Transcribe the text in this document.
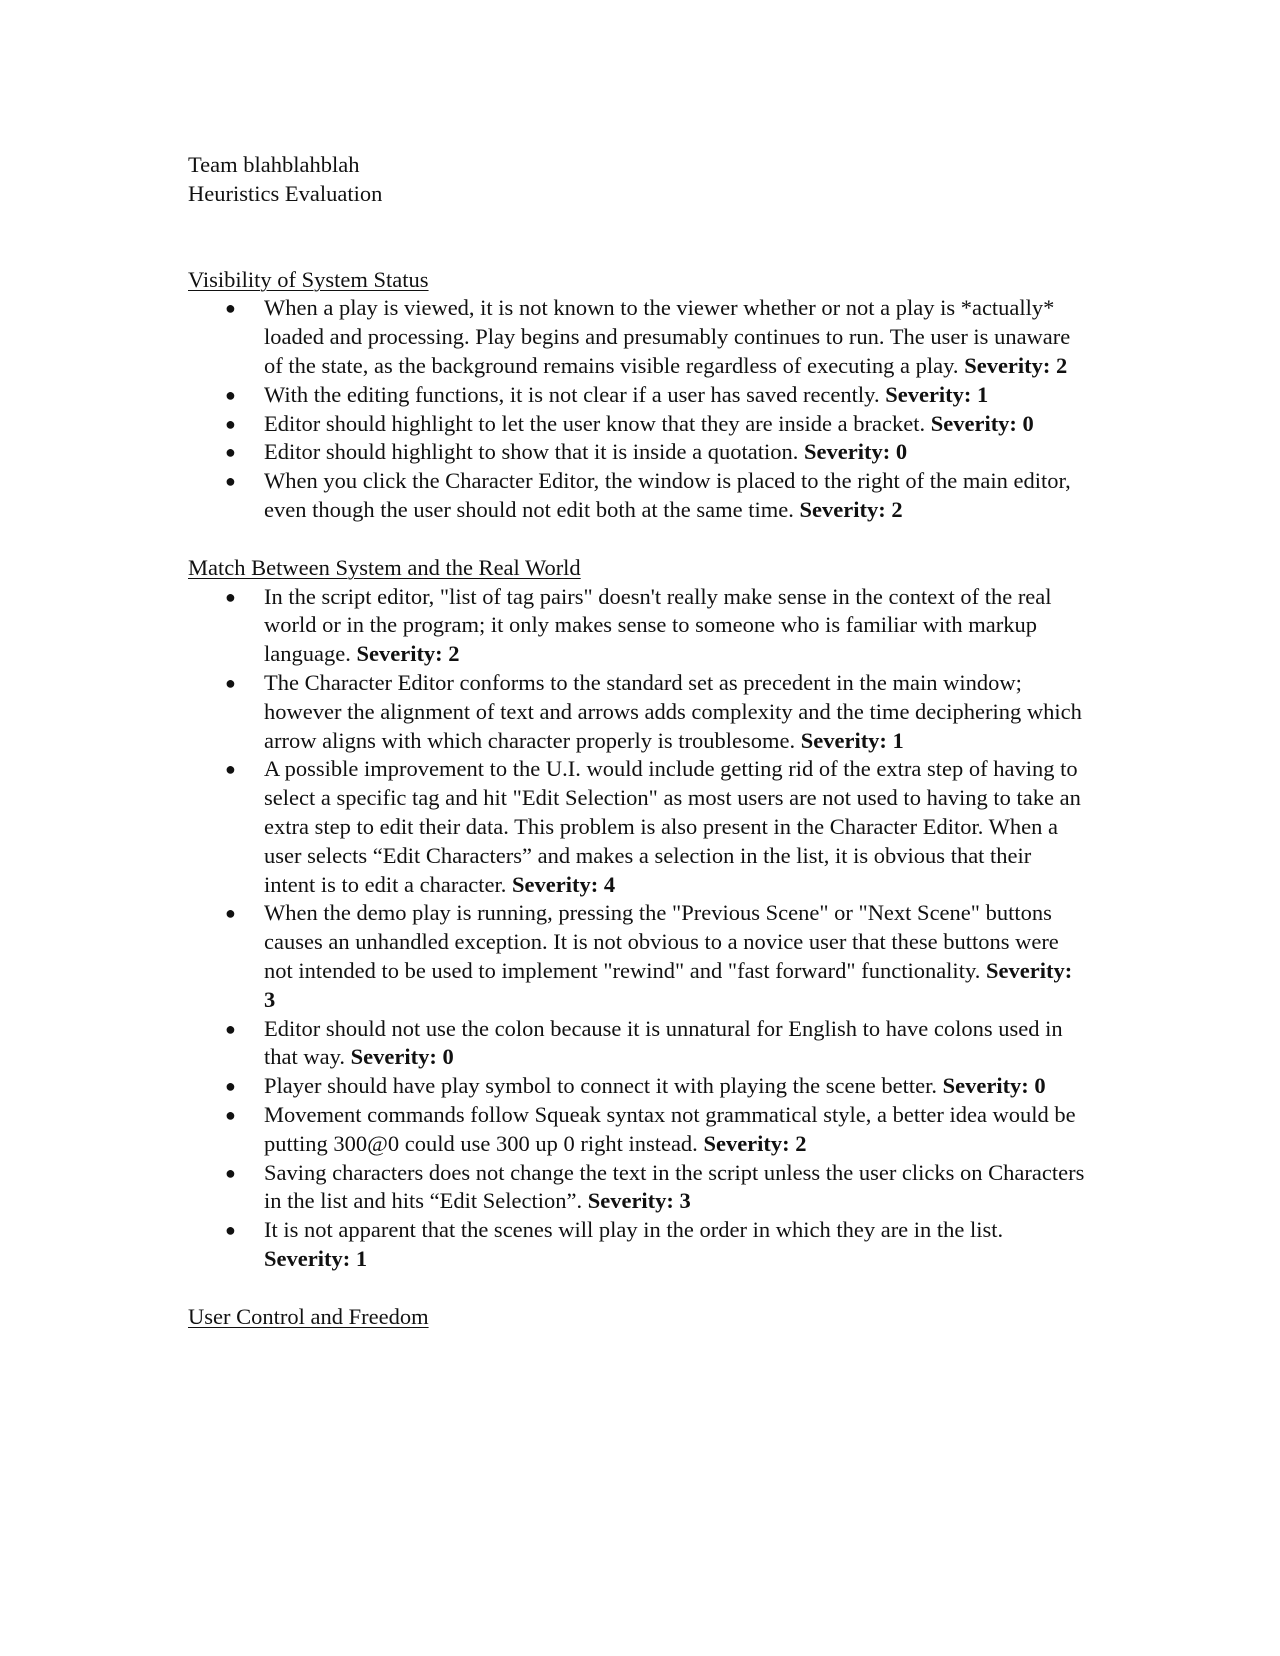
Team blahblahblah

Heuristics Evaluation

Visibility of System Status

● When a play is viewed, it is not known to the viewer whether or not a play is *actually* loaded and processing. Play begins and presumably continues to run. The user is unaware of the state, as the background remains visible regardless of executing a play. Severity: 2
● With the editing functions, it is not clear if a user has saved recently. Severity: 1
● Editor should highlight to let the user know that they are inside a bracket. Severity: 0
● Editor should highlight to show that it is inside a quotation. Severity: 0
● When you click the Character Editor, the window is placed to the right of the main editor, even though the user should not edit both at the same time. Severity: 2

Match Between System and the Real World

● In the script editor, "list of tag pairs" doesn't really make sense in the context of the real world or in the program; it only makes sense to someone who is familiar with markup language. Severity: 2
● The Character Editor conforms to the standard set as precedent in the main window; however the alignment of text and arrows adds complexity and the time deciphering which arrow aligns with which character properly is troublesome. Severity: 1
● A possible improvement to the U.I. would include getting rid of the extra step of having to select a specific tag and hit "Edit Selection" as most users are not used to having to take an extra step to edit their data. This problem is also present in the Character Editor. When a user selects “Edit Characters” and makes a selection in the list, it is obvious that their intent is to edit a character. Severity: 4
● When the demo play is running, pressing the "Previous Scene" or "Next Scene" buttons causes an unhandled exception. It is not obvious to a novice user that these buttons were not intended to be used to implement "rewind" and "fast forward" functionality. Severity: 3
● Editor should not use the colon because it is unnatural for English to have colons used in that way. Severity: 0
● Player should have play symbol to connect it with playing the scene better. Severity: 0
● Movement commands follow Squeak syntax not grammatical style, a better idea would be putting 300@0 could use 300 up 0 right instead. Severity: 2
● Saving characters does not change the text in the script unless the user clicks on Characters in the list and hits “Edit Selection”. Severity: 3
● It is not apparent that the scenes will play in the order in which they are in the list. Severity: 1

User Control and Freedom
